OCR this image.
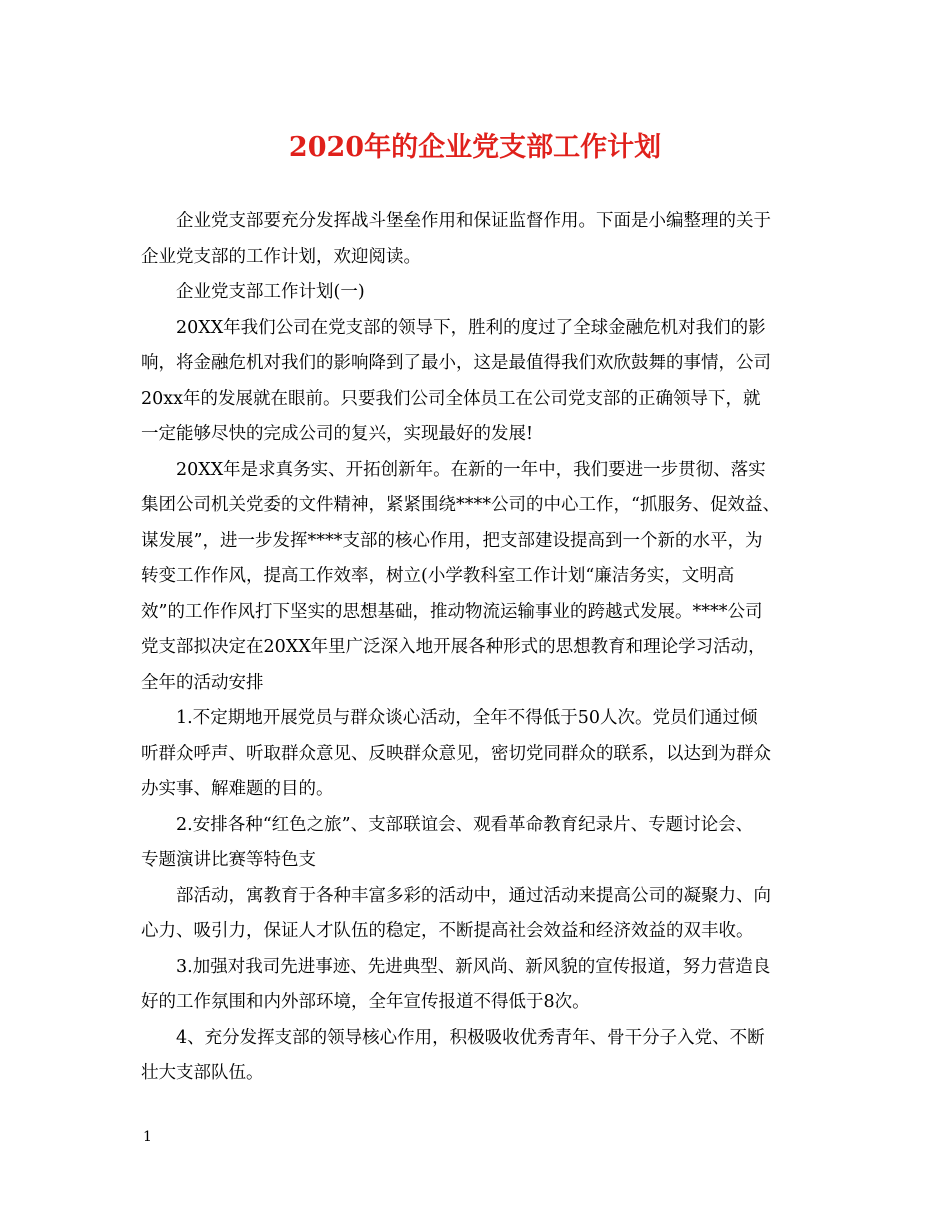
2020年的企业党支部工作计划
企业党支部要充分发挥战斗堡垒作用和保证监督作用。下面是小编整理的关于
企业党支部的工作计划，欢迎阅读。
企业党支部工作计划(一)
20XX年我们公司在党支部的领导下，胜利的度过了全球金融危机对我们的影
响，将金融危机对我们的影响降到了最小，这是最值得我们欢欣鼓舞的事情，公司
20xx年的发展就在眼前。只要我们公司全体员工在公司党支部的正确领导下，就
一定能够尽快的完成公司的复兴，实现最好的发展!
20XX年是求真务实、开拓创新年。在新的一年中，我们要进一步贯彻、落实
集团公司机关党委的文件精神，紧紧围绕****公司的中心工作，“抓服务、促效益、
谋发展”，进一步发挥****支部的核心作用，把支部建设提高到一个新的水平，为
转变工作作风，提高工作效率，树立(小学教科室工作计划“廉洁务实，文明高
效”的工作作风打下坚实的思想基础，推动物流运输事业的跨越式发展。****公司
党支部拟决定在20XX年里广泛深入地开展各种形式的思想教育和理论学习活动，
全年的活动安排
1.不定期地开展党员与群众谈心活动，全年不得低于50人次。党员们通过倾
听群众呼声、听取群众意见、反映群众意见，密切党同群众的联系，以达到为群众
办实事、解难题的目的。
2.安排各种“红色之旅”、支部联谊会、观看革命教育纪录片、专题讨论会、
专题演讲比赛等特色支
部活动，寓教育于各种丰富多彩的活动中，通过活动来提高公司的凝聚力、向
心力、吸引力，保证人才队伍的稳定，不断提高社会效益和经济效益的双丰收。
3.加强对我司先进事迹、先进典型、新风尚、新风貌的宣传报道，努力营造良
好的工作氛围和内外部环境，全年宣传报道不得低于8次。
4、充分发挥支部的领导核心作用，积极吸收优秀青年、骨干分子入党、不断
壮大支部队伍。
1
